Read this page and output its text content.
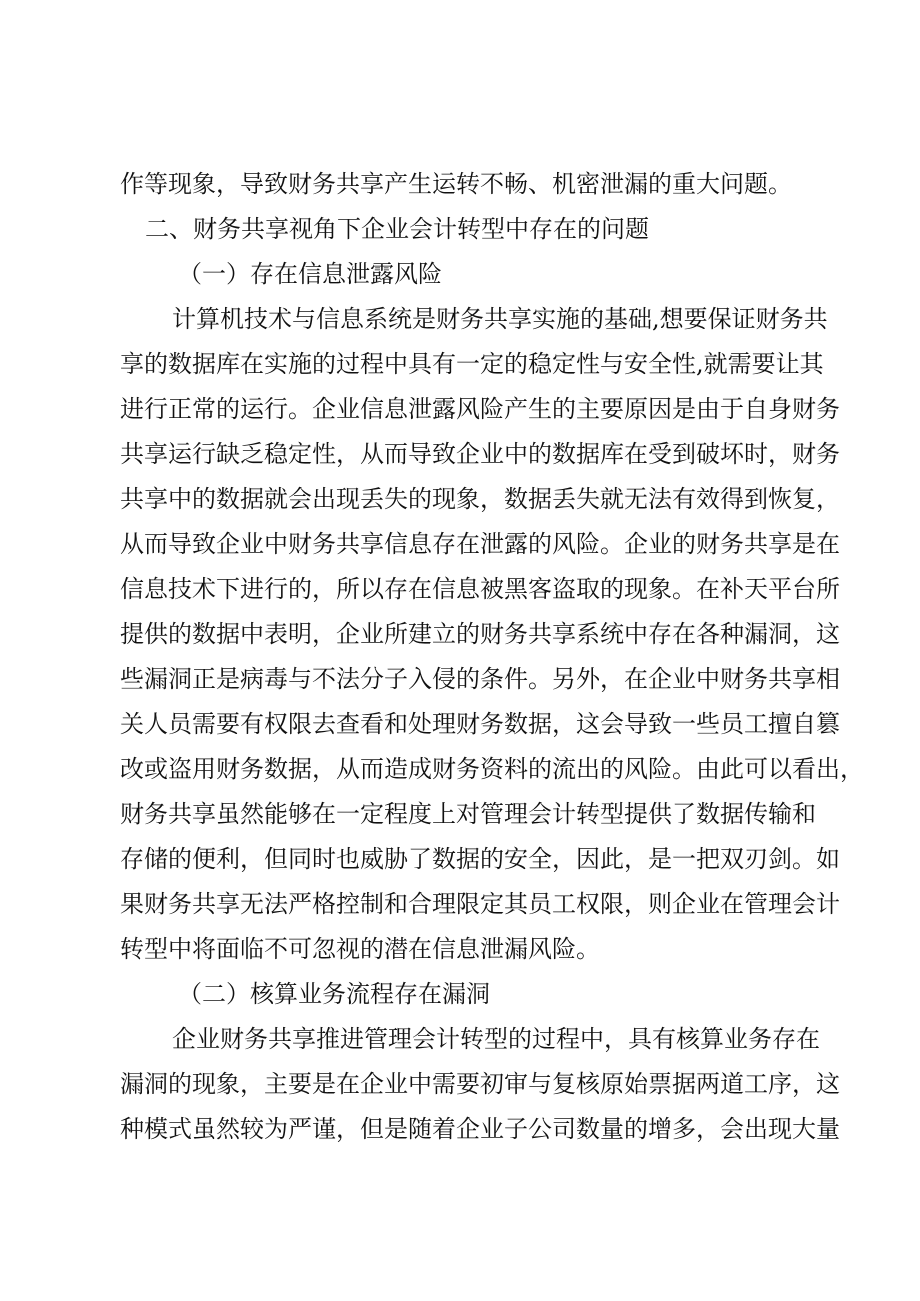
作等现象，导致财务共享产生运转不畅、机密泄漏的重大问题。
二、财务共享视角下企业会计转型中存在的问题
（一）存在信息泄露风险
计算机技术与信息系统是财务共享实施的基础,想要保证财务共
享的数据库在实施的过程中具有一定的稳定性与安全性,就需要让其
进行正常的运行。企业信息泄露风险产生的主要原因是由于自身财务
共享运行缺乏稳定性，从而导致企业中的数据库在受到破坏时，财务
共享中的数据就会出现丢失的现象，数据丢失就无法有效得到恢复，
从而导致企业中财务共享信息存在泄露的风险。企业的财务共享是在
信息技术下进行的，所以存在信息被黑客盗取的现象。在补天平台所
提供的数据中表明，企业所建立的财务共享系统中存在各种漏洞，这
些漏洞正是病毒与不法分子入侵的条件。另外，在企业中财务共享相
关人员需要有权限去查看和处理财务数据，这会导致一些员工擅自篡
改或盗用财务数据，从而造成财务资料的流出的风险。由此可以看出，
财务共享虽然能够在一定程度上对管理会计转型提供了数据传输和
存储的便利，但同时也威胁了数据的安全，因此，是一把双刃剑。如
果财务共享无法严格控制和合理限定其员工权限，则企业在管理会计
转型中将面临不可忽视的潜在信息泄漏风险。
（二）核算业务流程存在漏洞
企业财务共享推进管理会计转型的过程中，具有核算业务存在
漏洞的现象，主要是在企业中需要初审与复核原始票据两道工序，这
种模式虽然较为严谨，但是随着企业子公司数量的增多，会出现大量
